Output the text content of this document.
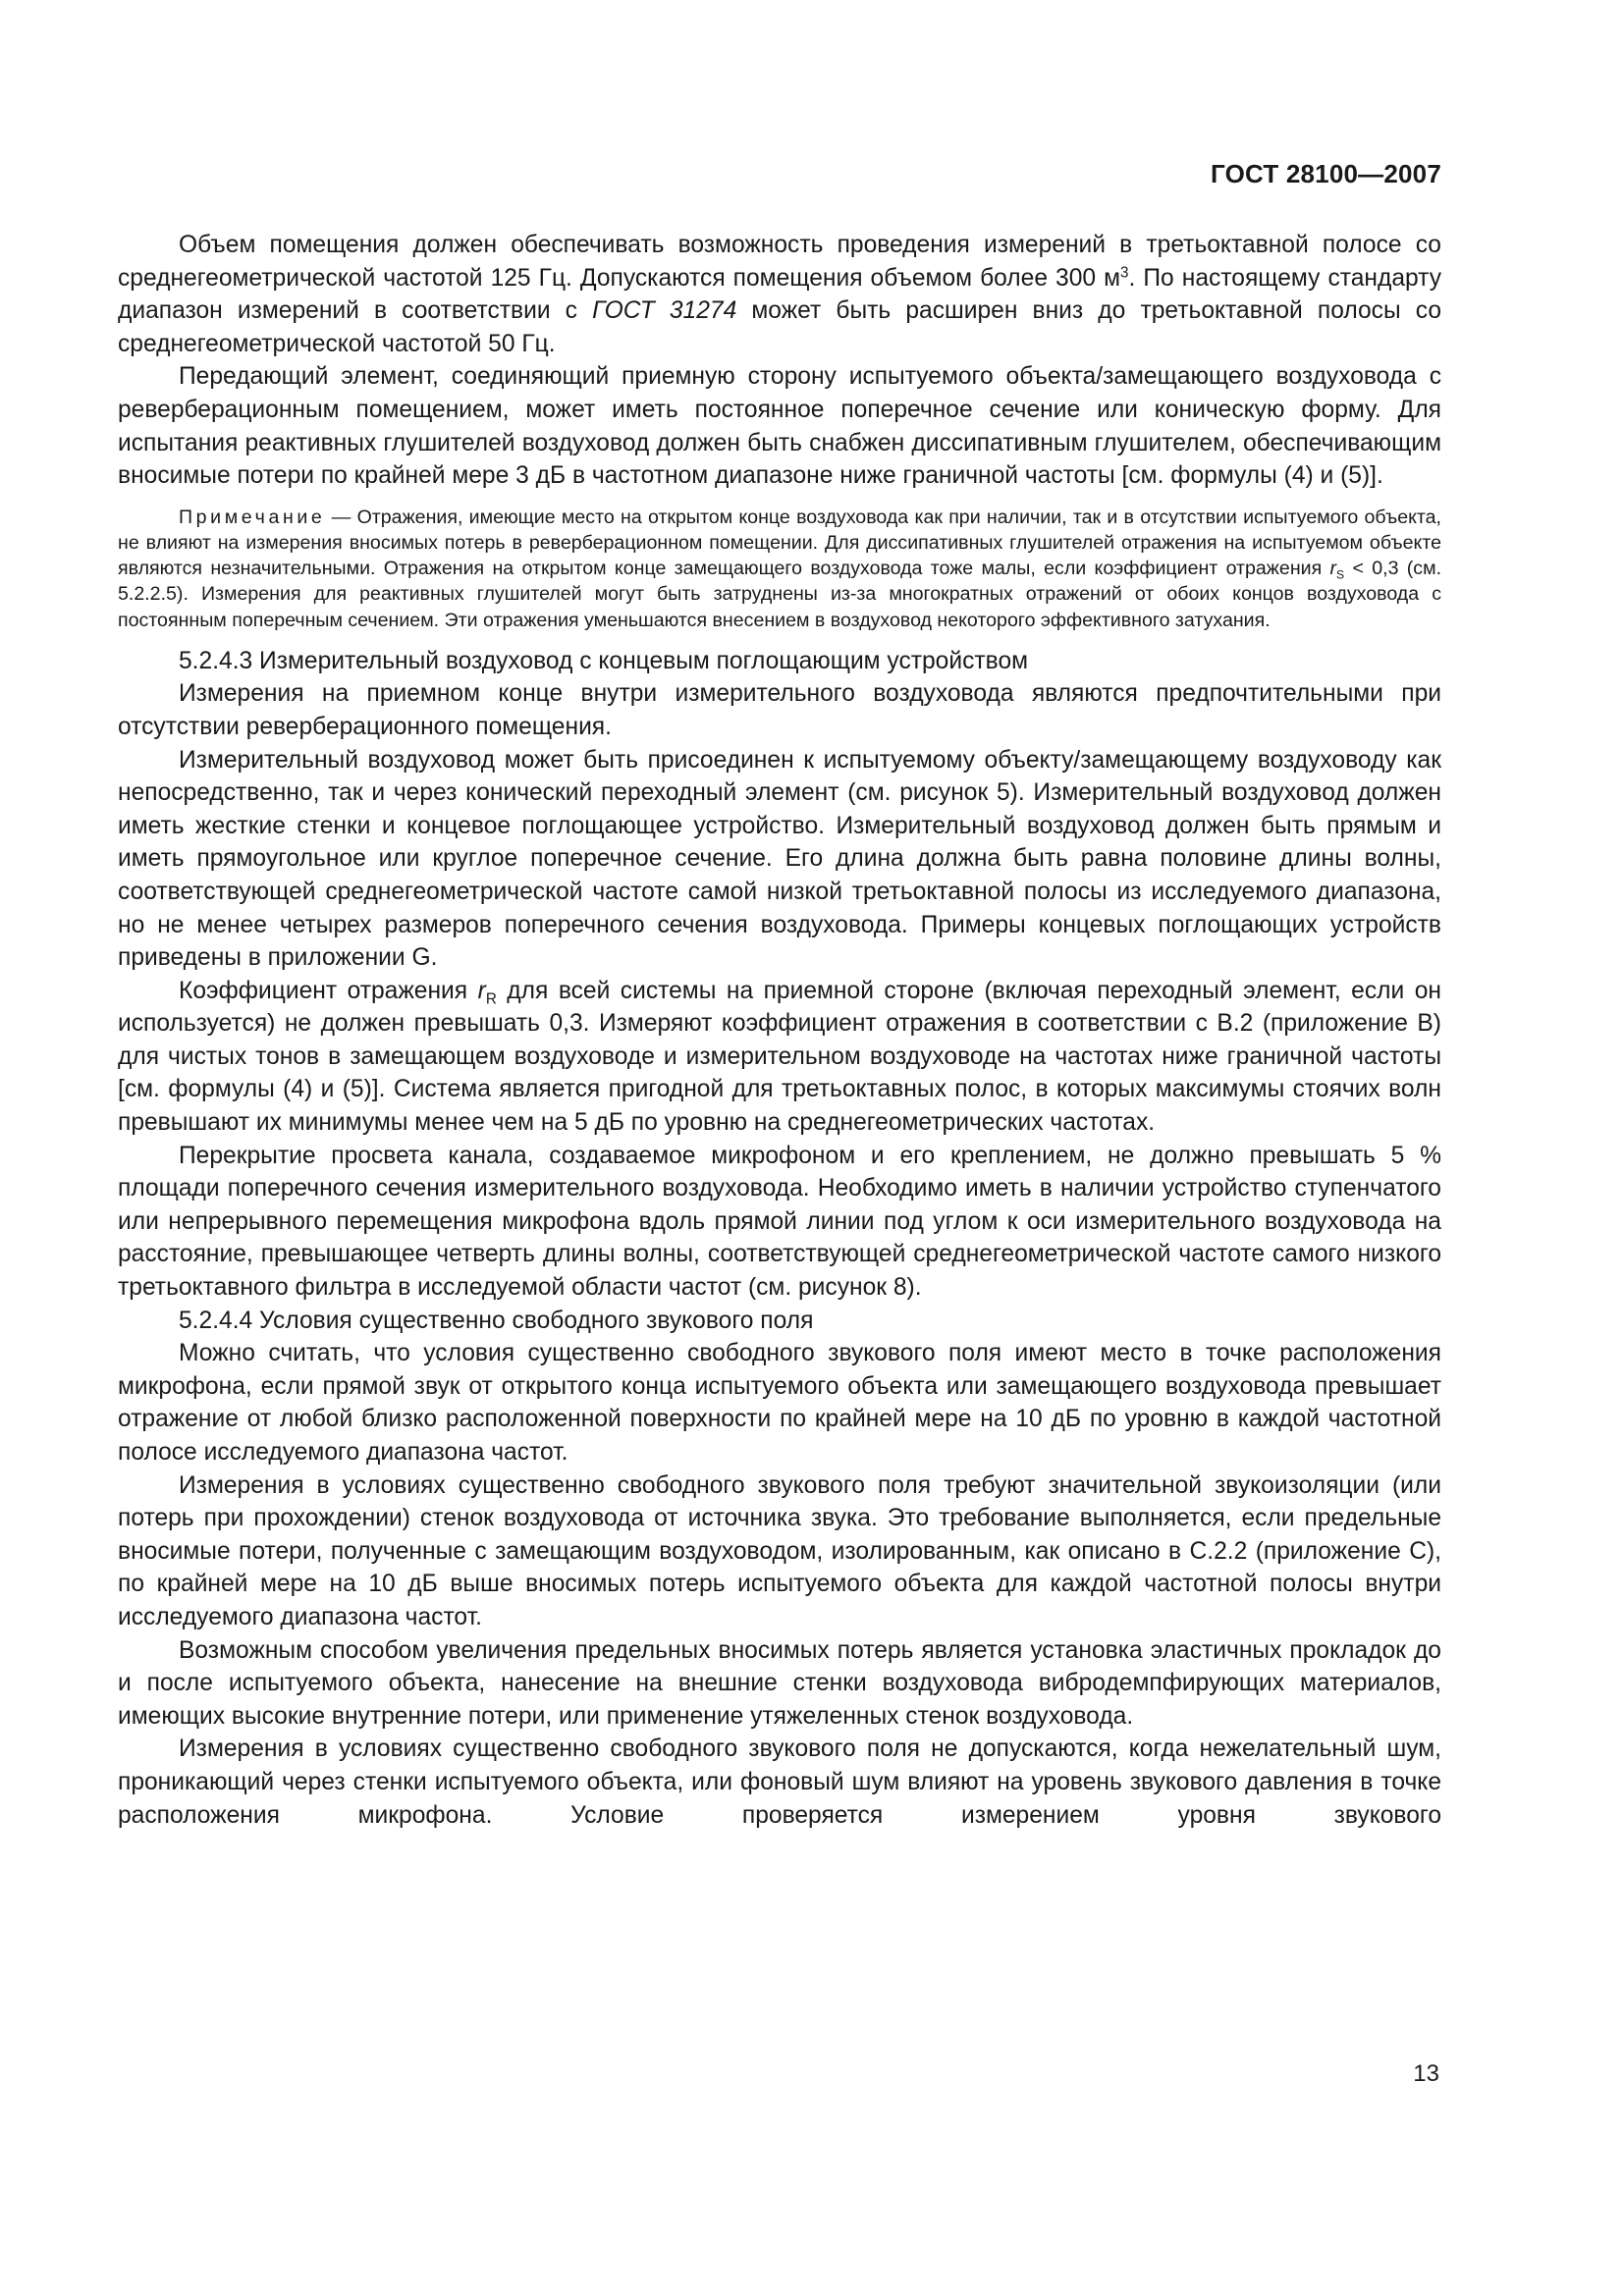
ГОСТ 28100—2007

Объем помещения должен обеспечивать возможность проведения измерений в третьоктавной полосе со среднегеометрической частотой 125 Гц. Допускаются помещения объемом более 300 $м^3$. По настоящему стандарту диапазон измерений в соответствии с ГОСТ 31274 может быть расширен вниз до третьоктавной полосы со среднегеометрической частотой 50 Гц.

Передающий элемент, соединяющий приемную сторону испытуемого объекта/замещающего воздуховода с реверберационным помещением, может иметь постоянное поперечное сечение или коническую форму. Для испытания реактивных глушителей воздуховод должен быть снабжен диссипативным глушителем, обеспечивающим вносимые потери по крайней мере 3 дБ в частотном диапазоне ниже граничной частоты [см. формулы (4) и (5)].

Примечание — Отражения, имеющие место на открытом конце воздуховода как при наличии, так и в отсутствии испытуемого объекта, не влияют на измерения вносимых потерь в реверберационном помещении. Для диссипативных глушителей отражения на испытуемом объекте являются незначительными. Отражения на открытом конце замещающего воздуховода тоже малы, если коэффициент отражения $r_S < 0,3$ (см. 5.2.2.5). Измерения для реактивных глушителей могут быть затруднены из-за многократных отражений от обоих концов воздуховода с постоянным поперечным сечением. Эти отражения уменьшаются внесением в воздуховод некоторого эффективного затухания.

5.2.4.3 Измерительный воздуховод с концевым поглощающим устройством

Измерения на приемном конце внутри измерительного воздуховода являются предпочтительными при отсутствии реверберационного помещения.

Измерительный воздуховод может быть присоединен к испытуемому объекту/замещающему воздуховоду как непосредственно, так и через конический переходный элемент (см. рисунок 5). Измерительный воздуховод должен иметь жесткие стенки и концевое поглощающее устройство. Измерительный воздуховод должен быть прямым и иметь прямоугольное или круглое поперечное сечение. Его длина должна быть равна половине длины волны, соответствующей среднегеометрической частоте самой низкой третьоктавной полосы из исследуемого диапазона, но не менее четырех размеров поперечного сечения воздуховода. Примеры концевых поглощающих устройств приведены в приложении G.

Коэффициент отражения $r_R$ для всей системы на приемной стороне (включая переходный элемент, если он используется) не должен превышать 0,3. Измеряют коэффициент отражения в соответствии с В.2 (приложение В) для чистых тонов в замещающем воздуховоде и измерительном воздуховоде на частотах ниже граничной частоты [см. формулы (4) и (5)]. Система является пригодной для третьоктавных полос, в которых максимумы стоячих волн превышают их минимумы менее чем на 5 дБ по уровню на среднегеометрических частотах.

Перекрытие просвета канала, создаваемое микрофоном и его креплением, не должно превышать 5 % площади поперечного сечения измерительного воздуховода. Необходимо иметь в наличии устройство ступенчатого или непрерывного перемещения микрофона вдоль прямой линии под углом к оси измерительного воздуховода на расстояние, превышающее четверть длины волны, соответствующей среднегеометрической частоте самого низкого третьоктавного фильтра в исследуемой области частот (см. рисунок 8).

5.2.4.4 Условия существенно свободного звукового поля

Можно считать, что условия существенно свободного звукового поля имеют место в точке расположения микрофона, если прямой звук от открытого конца испытуемого объекта или замещающего воздуховода превышает отражение от любой близко расположенной поверхности по крайней мере на 10 дБ по уровню в каждой частотной полосе исследуемого диапазона частот.

Измерения в условиях существенно свободного звукового поля требуют значительной звукоизоляции (или потерь при прохождении) стенок воздуховода от источника звука. Это требование выполняется, если предельные вносимые потери, полученные с замещающим воздуховодом, изолированным, как описано в С.2.2 (приложение С), по крайней мере на 10 дБ выше вносимых потерь испытуемого объекта для каждой частотной полосы внутри исследуемого диапазона частот.

Возможным способом увеличения предельных вносимых потерь является установка эластичных прокладок до и после испытуемого объекта, нанесение на внешние стенки воздуховода вибродемпфирующих материалов, имеющих высокие внутренние потери, или применение утяжеленных стенок воздуховода.

Измерения в условиях существенно свободного звукового поля не допускаются, когда нежелательный шум, проникающий через стенки испытуемого объекта, или фоновый шум влияют на уровень звукового давления в точке расположения микрофона. Условие проверяется измерением уровня звукового

13
